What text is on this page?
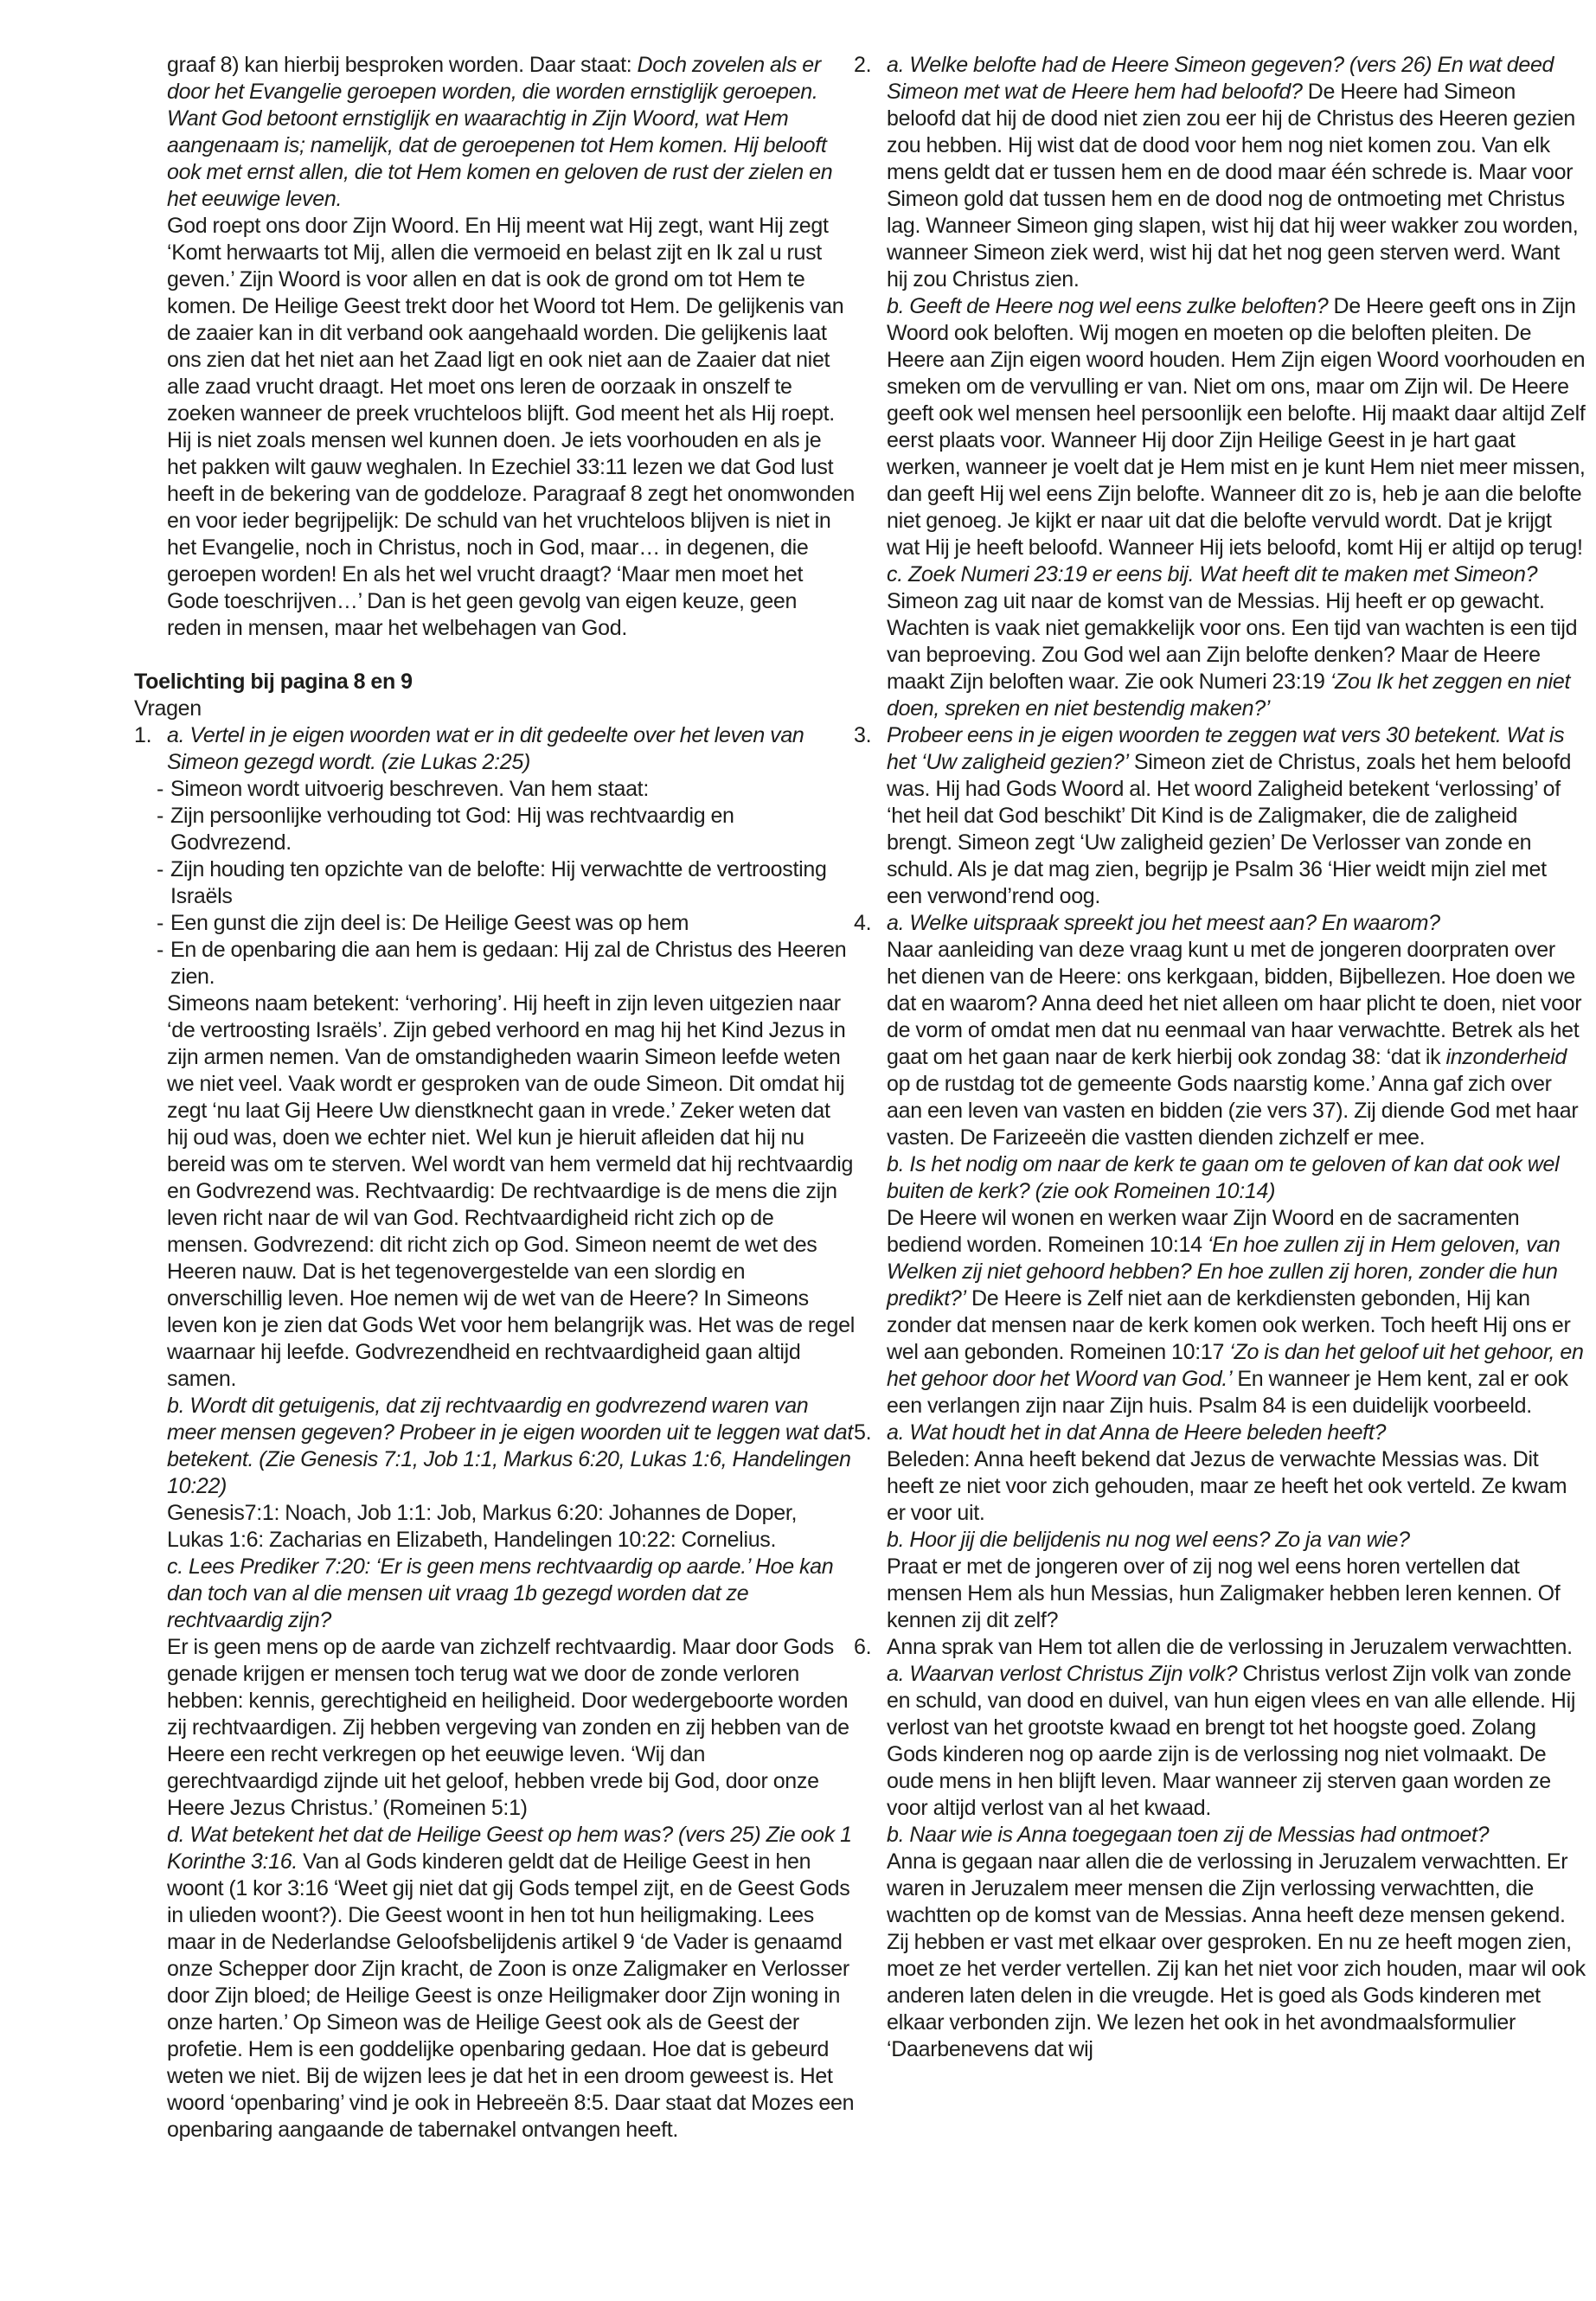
graaf 8) kan hierbij besproken worden. Daar staat: Doch zovelen als er door het Evangelie geroepen worden, die worden ernstiglijk geroepen. Want God betoont ernstiglijk en waarachtig in Zijn Woord, wat Hem aangenaam is; namelijk, dat de geroepenen tot Hem komen. Hij belooft ook met ernst allen, die tot Hem komen en geloven de rust der zielen en het eeuwige leven.
God roept ons door Zijn Woord. En Hij meent wat Hij zegt, want Hij zegt ‘Komt herwaarts tot Mij, allen die vermoeid en belast zijt en Ik zal u rust geven.’ Zijn Woord is voor allen en dat is ook de grond om tot Hem te komen. De Heilige Geest trekt door het Woord tot Hem. De gelijkenis van de zaaier kan in dit verband ook aangehaald worden. Die gelijkenis laat ons zien dat het niet aan het Zaad ligt en ook niet aan de Zaaier dat niet alle zaad vrucht draagt. Het moet ons leren de oorzaak in onszelf te zoeken wanneer de preek vruchteloos blijft. God meent het als Hij roept. Hij is niet zoals mensen wel kunnen doen. Je iets voorhouden en als je het pakken wilt gauw weghalen. In Ezechiel 33:11 lezen we dat God lust heeft in de bekering van de goddeloze. Paragraaf 8 zegt het onomwonden en voor ieder begrijpelijk: De schuld van het vruchteloos blijven is niet in het Evangelie, noch in Christus, noch in God, maar… in degenen, die geroepen worden! En als het wel vrucht draagt? ‘Maar men moet het Gode toeschrijven…’ Dan is het geen gevolg van eigen keuze, geen reden in mensen, maar het welbehagen van God.
Toelichting bij pagina 8 en 9
Vragen
1. a. Vertel in je eigen woorden wat er in dit gedeelte over het leven van Simeon gezegd wordt. (zie Lukas 2:25)
- Simeon wordt uitvoerig beschreven. Van hem staat:
- Zijn persoonlijke verhouding tot God: Hij was rechtvaardig en Godvrezend.
- Zijn houding ten opzichte van de belofte: Hij verwachtte de vertroosting Israëls
- Een gunst die zijn deel is: De Heilige Geest was op hem
- En de openbaring die aan hem is gedaan: Hij zal de Christus des Heeren zien.
Simeons naam betekent: ‘verhoring’. Hij heeft in zijn leven uitgezien naar ‘de vertroosting Israëls’. Zijn gebed verhoord en mag hij het Kind Jezus in zijn armen nemen. Van de omstandigheden waarin Simeon leefde weten we niet veel. Vaak wordt er gesproken van de oude Simeon. Dit omdat hij zegt ‘nu laat Gij Heere Uw dienstknecht gaan in vrede.’ Zeker weten dat hij oud was, doen we echter niet. Wel kun je hieruit afleiden dat hij nu bereid was om te sterven. Wel wordt van hem vermeld dat hij rechtvaardig en Godvrezend was. Rechtvaardig: De rechtvaardige is de mens die zijn leven richt naar de wil van God. Rechtvaardigheid richt zich op de mensen. Godvrezend: dit richt zich op God. Simeon neemt de wet des Heeren nauw. Dat is het tegenovergestelde van een slordig en onverschillig leven. Hoe nemen wij de wet van de Heere? In Simeons leven kon je zien dat Gods Wet voor hem belangrijk was. Het was de regel waarnaar hij leefde. Godvrezendheid en rechtvaardigheid gaan altijd samen.
b. Wordt dit getuigenis, dat zij rechtvaardig en godvrezend waren van meer mensen gegeven? Probeer in je eigen woorden uit te leggen wat dat betekent. (Zie Genesis 7:1, Job 1:1, Markus 6:20, Lukas 1:6, Handelingen 10:22)
Genesis7:1: Noach, Job 1:1: Job, Markus 6:20: Johannes de Doper, Lukas 1:6: Zacharias en Elizabeth, Handelingen 10:22: Cornelius.
c. Lees Prediker 7:20: ‘Er is geen mens rechtvaardig op aarde.’ Hoe kan dan toch van al die mensen uit vraag 1b gezegd worden dat ze rechtvaardig zijn?
Er is geen mens op de aarde van zichzelf rechtvaardig. Maar door Gods genade krijgen er mensen toch terug wat we door de zonde verloren hebben: kennis, gerechtigheid en heiligheid. Door wedergeboorte worden zij rechtvaardigen. Zij hebben vergeving van zonden en zij hebben van de Heere een recht verkregen op het eeuwige leven. ‘Wij dan gerechtvaardigd zijnde uit het geloof, hebben vrede bij God, door onze Heere Jezus Christus.’ (Romeinen 5:1)
d. Wat betekent het dat de Heilige Geest op hem was? (vers 25) Zie ook 1 Korinthe 3:16. Van al Gods kinderen geldt dat de Heilige Geest in hen woont (1 kor 3:16 ‘Weet gij niet dat gij Gods tempel zijt, en de Geest Gods in ulieden woont?). Die Geest woont in hen tot hun heiligmaking. Lees maar in de Nederlandse Geloofsbelijdenis artikel 9 ‘de Vader is genaamd onze Schepper door Zijn kracht, de Zoon is onze Zaligmaker en Verlosser door Zijn bloed; de Heilige Geest is onze Heiligmaker door Zijn woning in onze harten.’ Op Simeon was de Heilige Geest ook als de Geest der profetie. Hem is een goddelijke openbaring gedaan. Hoe dat is gebeurd weten we niet. Bij de wijzen lees je dat het in een droom geweest is. Het woord ‘openbaring’ vind je ook in Hebreeën 8:5. Daar staat dat Mozes een openbaring aangaande de tabernakel ontvangen heeft.
2. a. Welke belofte had de Heere Simeon gegeven? (vers 26) En wat deed Simeon met wat de Heere hem had beloofd? De Heere had Simeon beloofd dat hij de dood niet zien zou eer hij de Christus des Heeren gezien zou hebben. Hij wist dat de dood voor hem nog niet komen zou. Van elk mens geldt dat er tussen hem en de dood maar één schrede is. Maar voor Simeon gold dat tussen hem en de dood nog de ontmoeting met Christus lag. Wanneer Simeon ging slapen, wist hij dat hij weer wakker zou worden, wanneer Simeon ziek werd, wist hij dat het nog geen sterven werd. Want hij zou Christus zien.
b. Geeft de Heere nog wel eens zulke beloften? De Heere geeft ons in Zijn Woord ook beloften. Wij mogen en moeten op die beloften pleiten. De Heere aan Zijn eigen woord houden. Hem Zijn eigen Woord voorhouden en smeken om de vervulling er van. Niet om ons, maar om Zijn wil. De Heere geeft ook wel mensen heel persoonlijk een belofte. Hij maakt daar altijd Zelf eerst plaats voor. Wanneer Hij door Zijn Heilige Geest in je hart gaat werken, wanneer je voelt dat je Hem mist en je kunt Hem niet meer missen, dan geeft Hij wel eens Zijn belofte. Wanneer dit zo is, heb je aan die belofte niet genoeg. Je kijkt er naar uit dat die belofte vervuld wordt. Dat je krijgt wat Hij je heeft beloofd. Wanneer Hij iets beloofd, komt Hij er altijd op terug!
c. Zoek Numeri 23:19 er eens bij. Wat heeft dit te maken met Simeon? Simeon zag uit naar de komst van de Messias. Hij heeft er op gewacht. Wachten is vaak niet gemakkelijk voor ons. Een tijd van wachten is een tijd van beproeving. Zou God wel aan Zijn belofte denken? Maar de Heere maakt Zijn beloften waar. Zie ook Numeri 23:19 ‘Zou Ik het zeggen en niet doen, spreken en niet bestendig maken?’
3. Probeer eens in je eigen woorden te zeggen wat vers 30 betekent. Wat is het ‘Uw zaligheid gezien?’ Simeon ziet de Christus, zoals het hem beloofd was. Hij had Gods Woord al. Het woord Zaligheid betekent ‘verlossing’ of ‘het heil dat God beschikt’ Dit Kind is de Zaligmaker, die de zaligheid brengt. Simeon zegt ‘Uw zaligheid gezien’ De Verlosser van zonde en schuld. Als je dat mag zien, begrijp je Psalm 36 ‘Hier weidt mijn ziel met een verwond’rend oog.
4. a. Welke uitspraak spreekt jou het meest aan? En waarom?
Naar aanleiding van deze vraag kunt u met de jongeren doorpraten over het dienen van de Heere: ons kerkgaan, bidden, Bijbellezen. Hoe doen we dat en waarom? Anna deed het niet alleen om haar plicht te doen, niet voor de vorm of omdat men dat nu eenmaal van haar verwachtte. Betrek als het gaat om het gaan naar de kerk hierbij ook zondag 38: ‘dat ik inzonderheid op de rustdag tot de gemeente Gods naarstig kome.’ Anna gaf zich over aan een leven van vasten en bidden (zie vers 37). Zij diende God met haar vasten. De Farizeeën die vastten dienden zichzelf er mee.
b. Is het nodig om naar de kerk te gaan om te geloven of kan dat ook wel buiten de kerk? (zie ook Romeinen 10:14)
De Heere wil wonen en werken waar Zijn Woord en de sacramenten bediend worden. Romeinen 10:14 ‘En hoe zullen zij in Hem geloven, van Welken zij niet gehoord hebben? En hoe zullen zij horen, zonder die hun predikt?’ De Heere is Zelf niet aan de kerkdiensten gebonden, Hij kan zonder dat mensen naar de kerk komen ook werken. Toch heeft Hij ons er wel aan gebonden. Romeinen 10:17 ‘Zo is dan het geloof uit het gehoor, en het gehoor door het Woord van God.’ En wanneer je Hem kent, zal er ook een verlangen zijn naar Zijn huis. Psalm 84 is een duidelijk voorbeeld.
5. a. Wat houdt het in dat Anna de Heere beleden heeft?
Beleden: Anna heeft bekend dat Jezus de verwachte Messias was. Dit heeft ze niet voor zich gehouden, maar ze heeft het ook verteld. Ze kwam er voor uit.
b. Hoor jij die belijdenis nu nog wel eens? Zo ja van wie?
Praat er met de jongeren over of zij nog wel eens horen vertellen dat mensen Hem als hun Messias, hun Zaligmaker hebben leren kennen. Of kennen zij dit zelf?
6. Anna sprak van Hem tot allen die de verlossing in Jeruzalem verwachtten.
a. Waarvan verlost Christus Zijn volk? Christus verlost Zijn volk van zonde en schuld, van dood en duivel, van hun eigen vlees en van alle ellende. Hij verlost van het grootste kwaad en brengt tot het hoogste goed. Zolang Gods kinderen nog op aarde zijn is de verlossing nog niet volmaakt. De oude mens in hen blijft leven. Maar wanneer zij sterven gaan worden ze voor altijd verlost van al het kwaad.
b. Naar wie is Anna toegegaan toen zij de Messias had ontmoet?
Anna is gegaan naar allen die de verlossing in Jeruzalem verwachtten. Er waren in Jeruzalem meer mensen die Zijn verlossing verwachtten, die wachtten op de komst van de Messias. Anna heeft deze mensen gekend. Zij hebben er vast met elkaar over gesproken. En nu ze heeft mogen zien, moet ze het verder vertellen. Zij kan het niet voor zich houden, maar wil ook anderen laten delen in die vreugde. Het is goed als Gods kinderen met elkaar verbonden zijn. We lezen het ook in het avondmaalsformulier ‘Daarbenevens dat wij
